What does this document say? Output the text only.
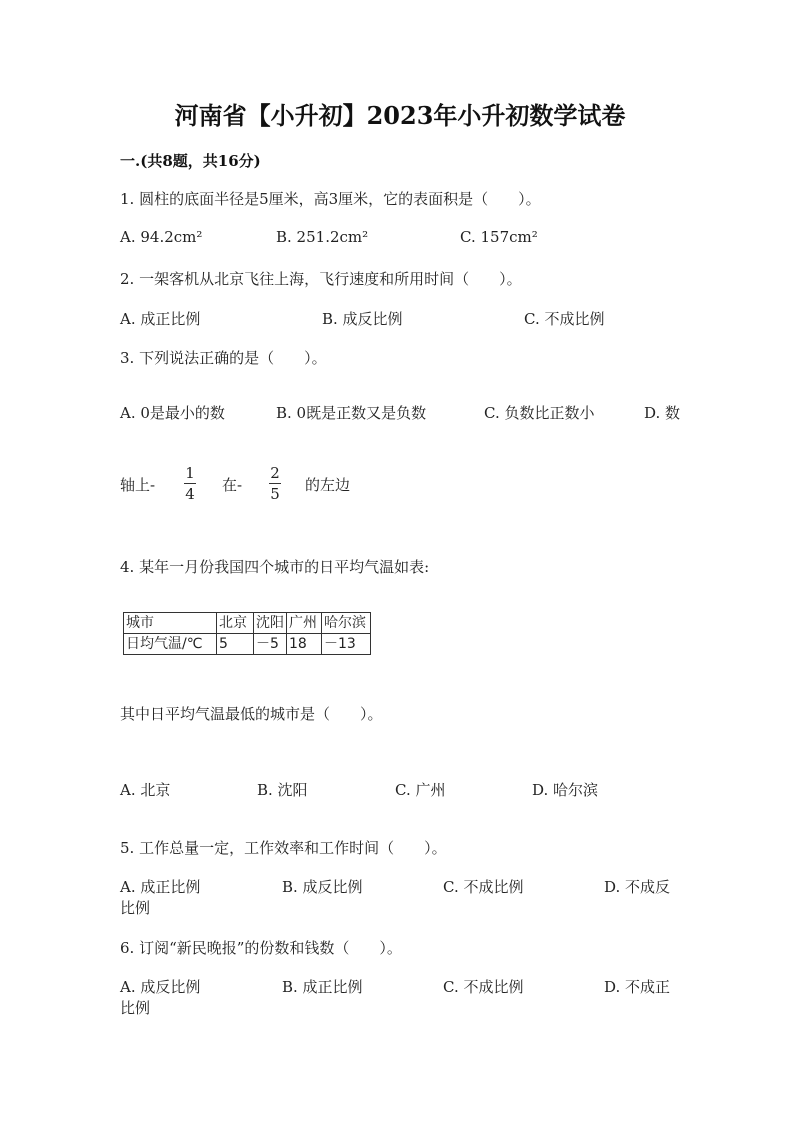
河南省【小升初】2023年小升初数学试卷
一.(共8题，共16分)
1. 圆柱的底面半径是5厘米，高3厘米，它的表面积是（　　）。
A. 94.2cm²	B. 251.2cm²	C. 157cm²
2. 一架客机从北京飞往上海，飞行速度和所用时间（　　）。
A. 成正比例	B. 成反比例	C. 不成比例
3. 下列说法正确的是（　　）。
A. 0是最小的数	B. 0既是正数又是负数	C. 负数比正数小	D. 数
轴上- $\frac{1}{4}$ 在- $\frac{2}{5}$ 的左边
4. 某年一月份我国四个城市的日平均气温如表:
城市	北京	沈阳	广州	哈尔滨
日均气温/℃	5	－5	18	－13
其中日平均气温最低的城市是（　　）。
A. 北京	B. 沈阳	C. 广州	D. 哈尔滨
5. 工作总量一定，工作效率和工作时间（　　）。
A. 成正比例	B. 成反比例	C. 不成比例	D. 不成反
比例
6. 订阅“新民晚报”的份数和钱数（　　）。
A. 成反比例	B. 成正比例	C. 不成比例	D. 不成正
比例
